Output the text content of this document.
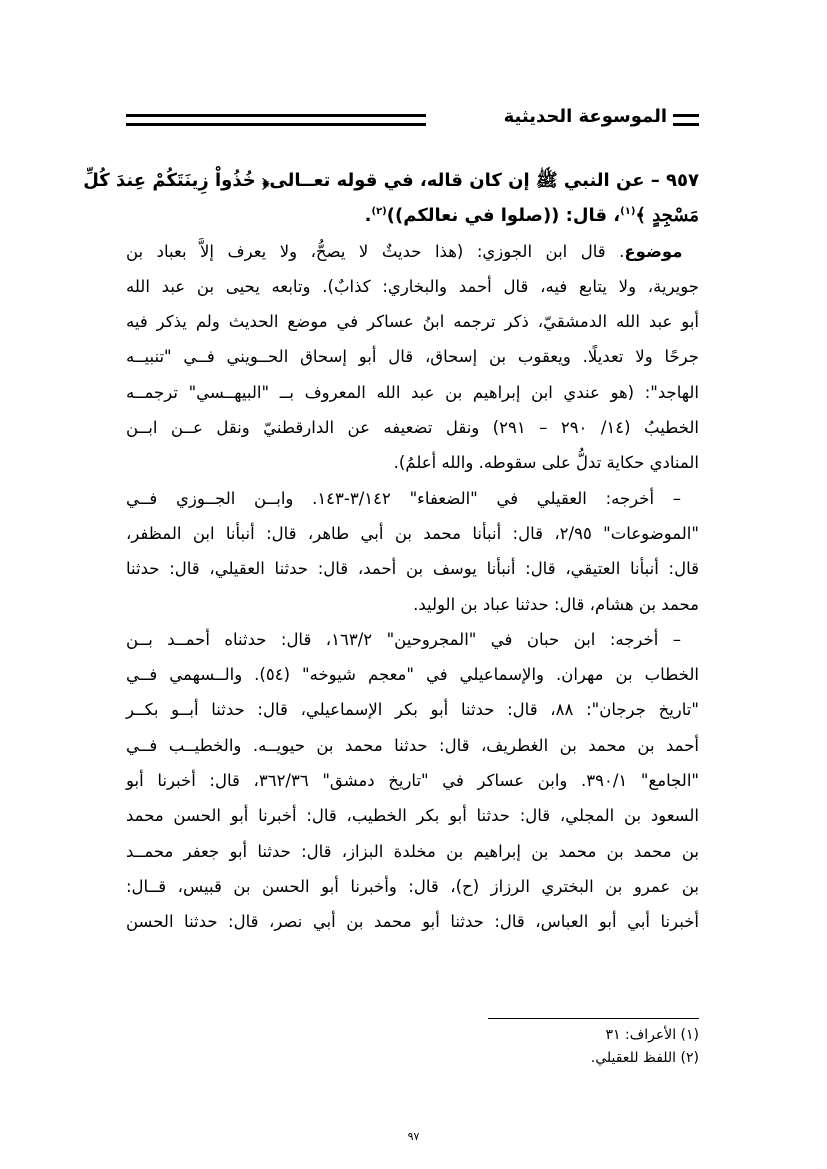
الموسوعة الحديثية
٩٥٧ – عن النبي ﷺ إن كان قاله، في قوله تعــالى﴿ خُذُواْ زِينَتَكُمْ عِندَ كُلِّ
مَسْجِدٍ ﴾$^{(١)}$، قال: ((صلوا في نعالكم))$^{(٢)}$.
 موضوع. قال ابن الجوزي: (هذا حديثٌ لا يصحُّ، ولا يعرف إلاَّ بعباد بن
جويرية، ولا يتابع فيه، قال أحمد والبخاري: كذابٌ). وتابعه يحيى بن عبد الله
أبو عبد الله الدمشقيّ، ذكر ترجمه ابنُ عساكر في موضع الحديث ولم يذكر فيه
جرحًا ولا تعديلًا. ويعقوب بن إسحاق، قال أبو إسحاق الحــويني فــي "تنبيــه
الهاجد": (هو عندي ابن إبراهيم بن عبد الله المعروف بــ "البيهــسي" ترجمــه
الخطيبُ (١٤/ ٢٩٠ – ٢٩١) ونقل تضعيفه عن الدارقطنيّ ونقل عــن ابــن
المنادي حكاية تدلُّ على سقوطه. والله أعلمُ).
– أخرجه: العقيلي في "الضعفاء" ٣/١٤٢-١٤٣. وابــن الجــوزي فــي
"الموضوعات" ٢/٩٥، قال: أنبأنا محمد بن أبي طاهر، قال: أنبأنا ابن المظفر،
قال: أنبأنا العتيقي، قال: أنبأنا يوسف بن أحمد، قال: حدثنا العقيلي، قال: حدثنا
محمد بن هشام، قال: حدثنا عباد بن الوليد.
– أخرجه: ابن حبان في "المجروحين" ١٦٣/٢، قال: حدثناه أحمــد بــن
الخطاب بن مهران. والإسماعيلي في "معجم شيوخه" (٥٤). والــسهمي فــي
"تاريخ جرجان": ٨٨، قال: حدثنا أبو بكر الإسماعيلي، قال: حدثنا أبــو بكــر
أحمد بن محمد بن الغطريف، قال: حدثنا محمد بن حيويــه. والخطيــب فــي
"الجامع" ٣٩٠/١. وابن عساكر في "تاريخ دمشق" ٣٦٢/٣٦، قال: أخبرنا أبو
السعود بن المجلي، قال: حدثنا أبو بكر الخطيب، قال: أخبرنا أبو الحسن محمد
بن محمد بن محمد بن إبراهيم بن مخلدة البزاز، قال: حدثنا أبو جعفر محمــد
بن عمرو بن البختري الرزاز (ح)، قال: وأخبرنا أبو الحسن بن قبيس، قــال:
أخبرنا أبي أبو العباس، قال: حدثنا أبو محمد بن أبي نصر، قال: حدثنا الحسن
(١) الأعراف: ٣١
(٢) اللفظ للعقيلي.
٩٧
